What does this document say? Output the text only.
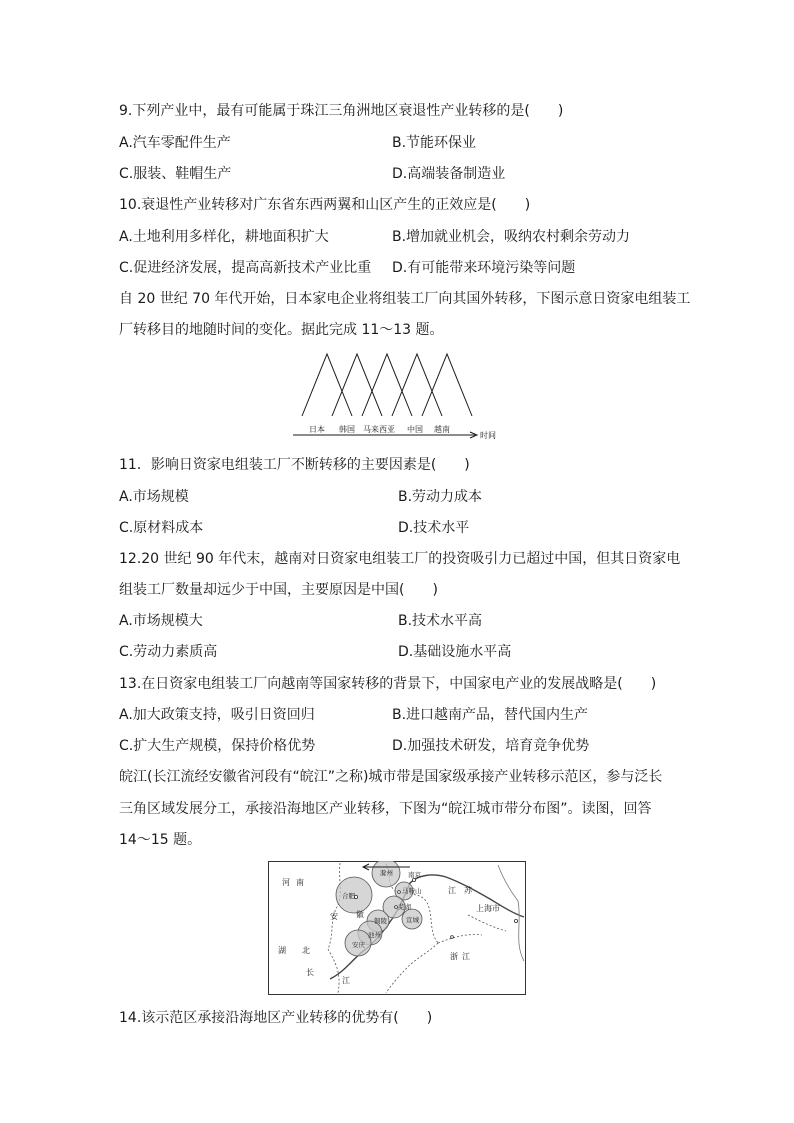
9.下列产业中，最有可能属于珠江三角洲地区衰退性产业转移的是(　　)
A.汽车零配件生产	B.节能环保业
C.服装、鞋帽生产	D.高端装备制造业
10.衰退性产业转移对广东省东西两翼和山区产生的正效应是(　　)
A.土地利用多样化，耕地面积扩大	B.增加就业机会，吸纳农村剩余劳动力
C.促进经济发展，提高高新技术产业比重 D.有可能带来环境污染等问题
自 20 世纪 70 年代开始，日本家电企业将组装工厂向其国外转移，下图示意日资家电组装工
厂转移目的地随时间的变化。据此完成 11～13 题。
日本 韩国 马来西亚 中国 越南
时间
11．影响日资家电组装工厂不断转移的主要因素是(　　)
A.市场规模	B.劳动力成本
C.原材料成本	D.技术水平
12.20 世纪 90 年代末，越南对日资家电组装工厂的投资吸引力已超过中国，但其日资家电
组装工厂数量却远少于中国，主要原因是中国(　　)
A.市场规模大	B.技术水平高
C.劳动力素质高	D.基础设施水平高
13.在日资家电组装工厂向越南等国家转移的背景下，中国家电产业的发展战略是(　　)
A.加大政策支持，吸引日资回归	B.进口越南产品，替代国内生产
C.扩大生产规模，保持价格优势	D.加强技术研发，培育竞争优势
皖江(长江流经安徽省河段有“皖江”之称)城市带是国家级承接产业转移示范区，参与泛长
三角区域发展分工，承接沿海地区产业转移，下图为“皖江城市带分布图”。读图，回答
14～15 题。
河南
湖 北
安 徽
江苏
浙江
上海市
长
江
滁州 南京
合肥
马鞍山
芜湖
宣城
铜陵
池州
安庆
14.该示范区承接沿海地区产业转移的优势有(　　)
